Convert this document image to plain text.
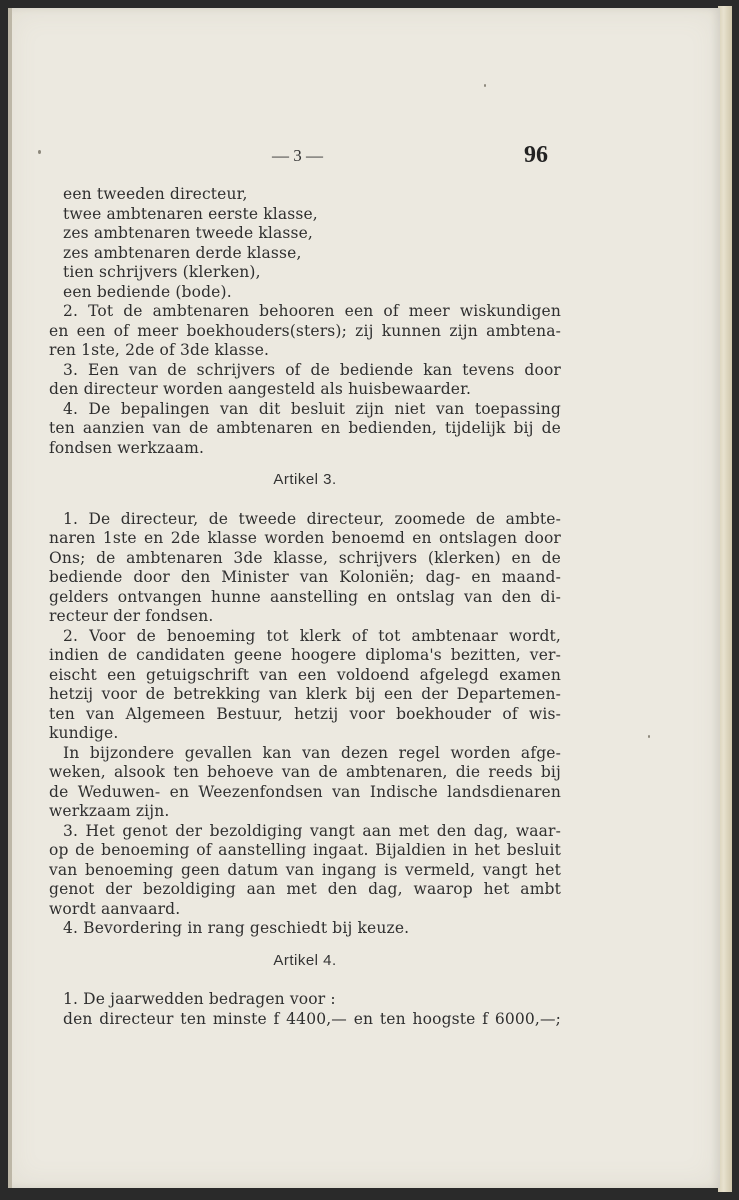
— 3 —	96
een tweeden directeur,
twee ambtenaren eerste klasse,
zes ambtenaren tweede klasse,
zes ambtenaren derde klasse,
tien schrijvers (klerken),
een bediende (bode).
2. Tot de ambtenaren behooren een of meer wiskundigen
en een of meer boekhouders(sters); zij kunnen zijn ambtena-
ren 1ste, 2de of 3de klasse.
3. Een van de schrijvers of de bediende kan tevens door
den directeur worden aangesteld als huisbewaarder.
4. De bepalingen van dit besluit zijn niet van toepassing
ten aanzien van de ambtenaren en bedienden, tijdelijk bij de
fondsen werkzaam.
Artikel 3.
1. De directeur, de tweede directeur, zoomede de ambte-
naren 1ste en 2de klasse worden benoemd en ontslagen door
Ons; de ambtenaren 3de klasse, schrijvers (klerken) en de
bediende door den Minister van Koloniën; dag- en maand-
gelders ontvangen hunne aanstelling en ontslag van den di-
recteur der fondsen.
2. Voor de benoeming tot klerk of tot ambtenaar wordt,
indien de candidaten geene hoogere diploma's bezitten, ver-
eischt een getuigschrift van een voldoend afgelegd examen
hetzij voor de betrekking van klerk bij een der Departemen-
ten van Algemeen Bestuur, hetzij voor boekhouder of wis-
kundige.
In bijzondere gevallen kan van dezen regel worden afge-
weken, alsook ten behoeve van de ambtenaren, die reeds bij
de Weduwen- en Weezenfondsen van Indische landsdienaren
werkzaam zijn.
3. Het genot der bezoldiging vangt aan met den dag, waar-
op de benoeming of aanstelling ingaat. Bijaldien in het besluit
van benoeming geen datum van ingang is vermeld, vangt het
genot der bezoldiging aan met den dag, waarop het ambt
wordt aanvaard.
4. Bevordering in rang geschiedt bij keuze.
Artikel 4.
1. De jaarwedden bedragen voor :
den directeur ten minste f 4400,— en ten hoogste f 6000,—;
